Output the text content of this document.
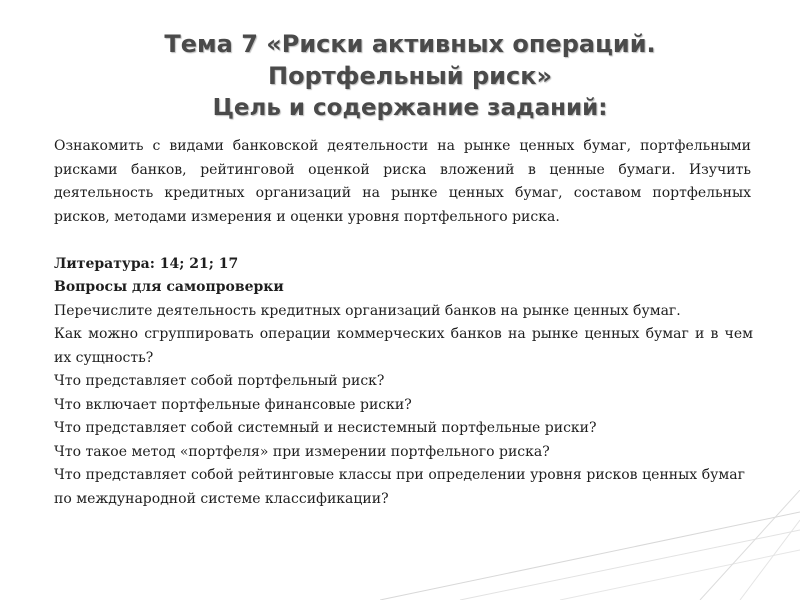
Тема 7 «Риски активных операций.
Портфельный риск»
Цель и содержание заданий:

Ознакомить с видами банковской деятельности на рынке ценных бумаг, портфельными рисками банков, рейтинговой оценкой риска вложений в ценные бумаги. Изучить деятельность кредитных организаций на рынке ценных бумаг, составом портфельных рисков, методами измерения и оценки уровня портфельного риска.

Литература: 14; 21; 17

Вопросы для самопроверки

Перечислите деятельность кредитных организаций банков на рынке ценных бумаг.

Как можно сгруппировать операции коммерческих банков на рынке ценных бумаг и в чем их сущность?

Что представляет собой портфельный риск?

Что включает портфельные финансовые риски?

Что представляет собой системный и несистемный портфельные риски?

Что такое метод «портфеля» при измерении портфельного риска?

Что представляет собой рейтинговые классы при определении уровня рисков ценных бумаг по международной системе классификации?
